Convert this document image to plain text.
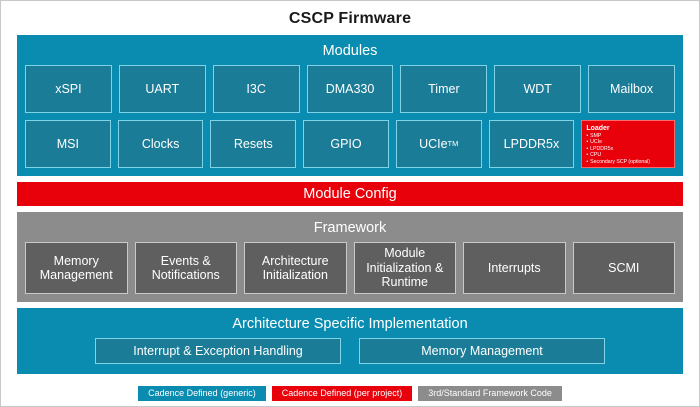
CSCP Firmware
Modules
xSPI	UART	I3C	DMA330	Timer	WDT	Mailbox
MSI	Clocks	Resets	GPIO	UCIe TM	LPDDR5x
Loader
• SMP
• UCIe
• LPDDR5x
• CPU
• Secondary SCP (optional)
Module Config
Framework
Memory Management
Events & Notifications
Architecture Initialization
Module Initialization & Runtime
Interrupts	SCMI
Architecture Specific Implementation
Interrupt & Exception Handling	Memory Management
Cadence Defined (generic)	Cadence Defined (per project)	3rd/Standard Framework Code
